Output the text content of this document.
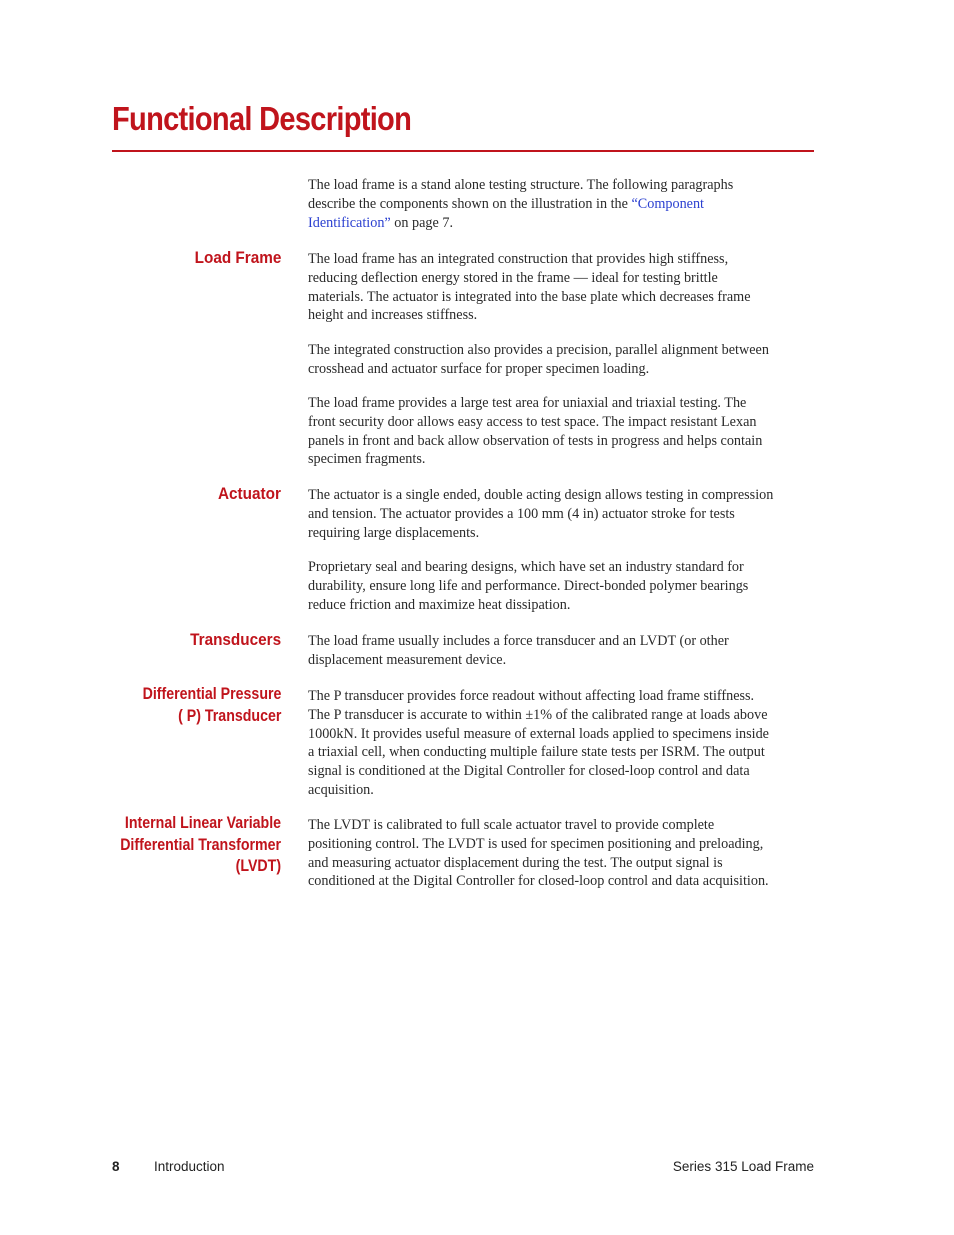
Functional Description

The load frame is a stand alone testing structure. The following paragraphs describe the components shown on the illustration in the “Component Identification” on page 7.

Load Frame The load frame has an integrated construction that provides high stiffness, reducing deflection energy stored in the frame — ideal for testing brittle materials. The actuator is integrated into the base plate which decreases frame height and increases stiffness.

The integrated construction also provides a precision, parallel alignment between crosshead and actuator surface for proper specimen loading.

The load frame provides a large test area for uniaxial and triaxial testing. The front security door allows easy access to test space. The impact resistant Lexan panels in front and back allow observation of tests in progress and helps contain specimen fragments.

Actuator The actuator is a single ended, double acting design allows testing in compression and tension. The actuator provides a 100 mm (4 in) actuator stroke for tests requiring large displacements.

Proprietary seal and bearing designs, which have set an industry standard for durability, ensure long life and performance. Direct-bonded polymer bearings reduce friction and maximize heat dissipation.

Transducers The load frame usually includes a force transducer and an LVDT (or other displacement measurement device.

Differential Pressure
( P) Transducer

The P transducer provides force readout without affecting load frame stiffness. The P transducer is accurate to within ±1% of the calibrated range at loads above 1000kN. It provides useful measure of external loads applied to specimens inside a triaxial cell, when conducting multiple failure state tests per ISRM. The output signal is conditioned at the Digital Controller for closed-loop control and data acquisition.

Internal Linear Variable
Differential Transformer
(LVDT)

The LVDT is calibrated to full scale actuator travel to provide complete positioning control. The LVDT is used for specimen positioning and preloading, and measuring actuator displacement during the test. The output signal is conditioned at the Digital Controller for closed-loop control and data acquisition.

8	Introduction	Series 315 Load Frame
